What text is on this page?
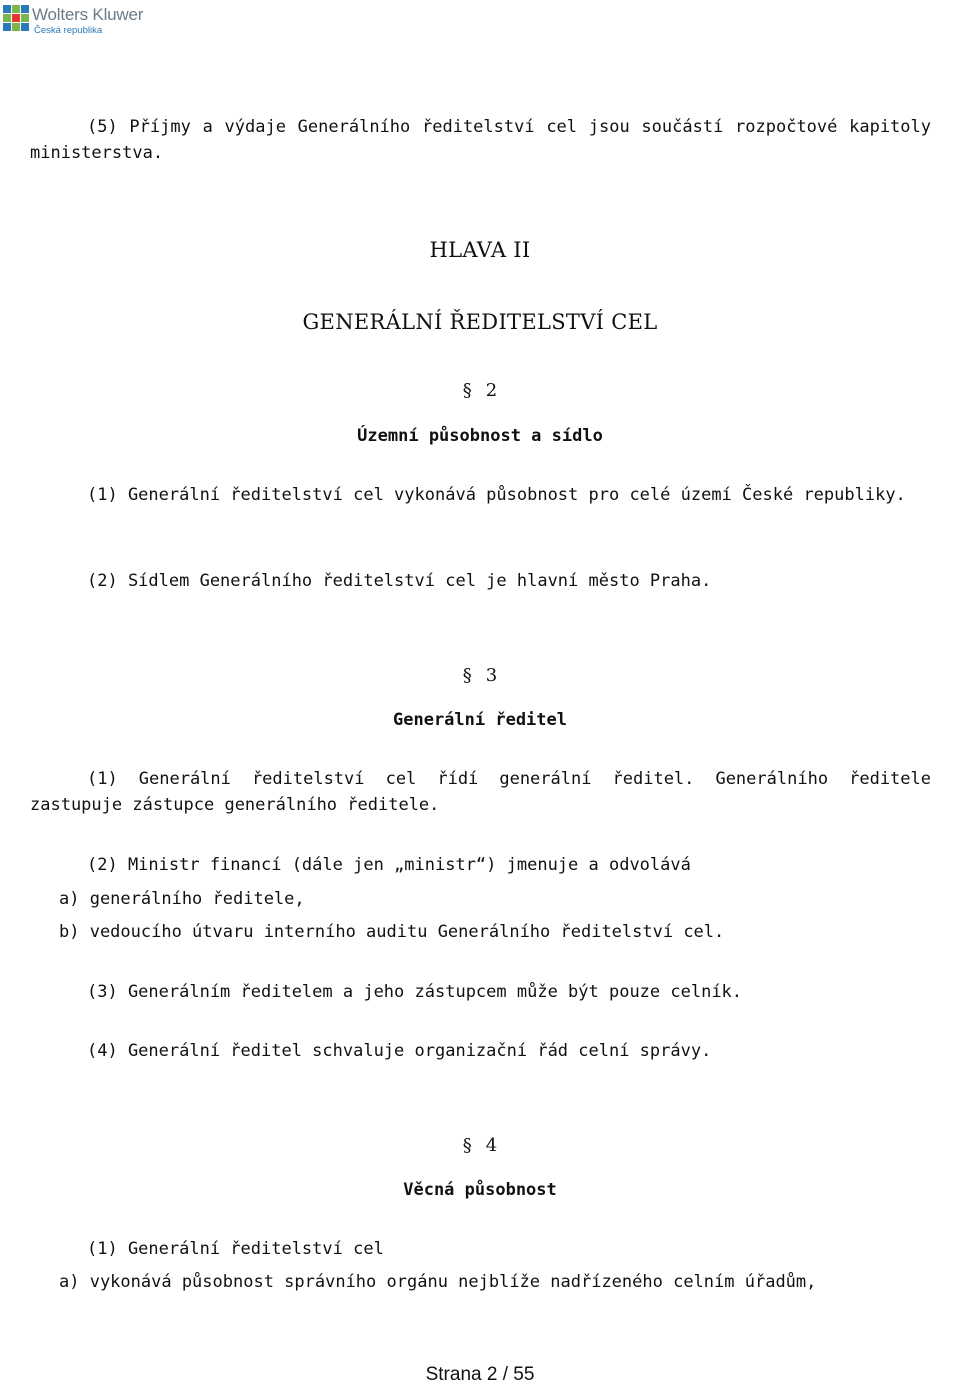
Wolters Kluwer
Česká republika
(5) Příjmy a výdaje Generálního ředitelství cel jsou součástí rozpočtové kapitoly ministerstva.
HLAVA II
GENERÁLNÍ ŘEDITELSTVÍ CEL
§ 2
Územní působnost a sídlo
(1) Generální ředitelství cel vykonává působnost pro celé území České republiky.
(2) Sídlem Generálního ředitelství cel je hlavní město Praha.
§ 3
Generální ředitel
(1) Generální ředitelství cel řídí generální ředitel. Generálního ředitele zastupuje zástupce generálního ředitele.
(2) Ministr financí (dále jen „ministr“) jmenuje a odvolává
a) generálního ředitele,
b) vedoucího útvaru interního auditu Generálního ředitelství cel.
(3) Generálním ředitelem a jeho zástupcem může být pouze celník.
(4) Generální ředitel schvaluje organizační řád celní správy.
§ 4
Věcná působnost
(1) Generální ředitelství cel
a) vykonává působnost správního orgánu nejblíže nadřízeného celním úřadům,
Strana 2 / 55
